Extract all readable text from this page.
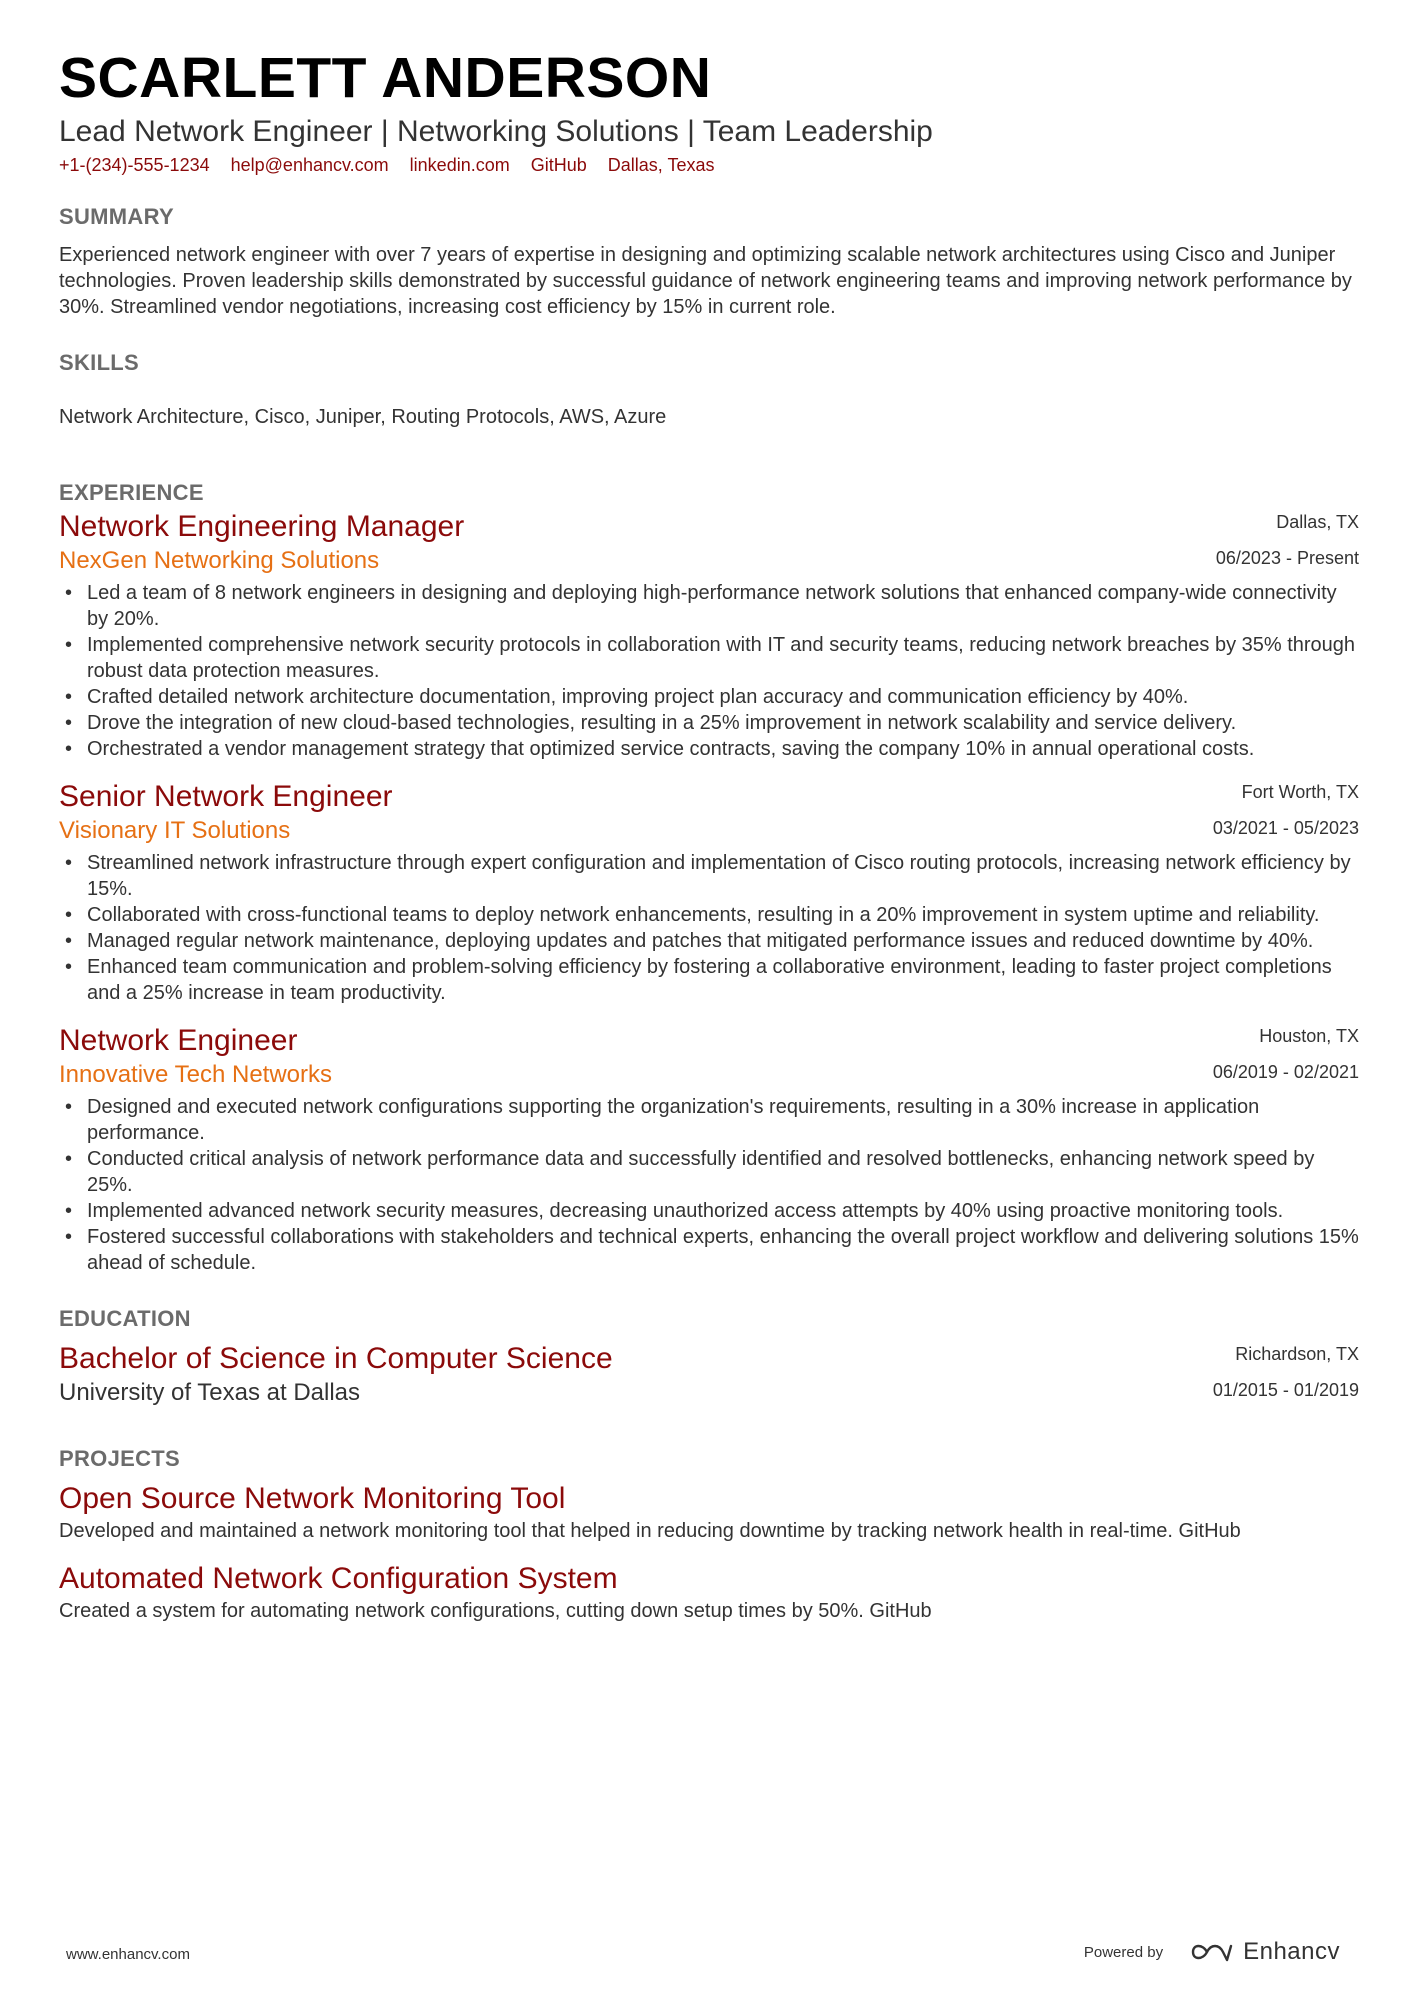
SCARLETT ANDERSON
Lead Network Engineer | Networking Solutions | Team Leadership
+1-(234)-555-1234 help@enhancv.com linkedin.com GitHub Dallas, Texas
SUMMARY
Experienced network engineer with over 7 years of expertise in designing and optimizing scalable network architectures using Cisco and Juniper technologies. Proven leadership skills demonstrated by successful guidance of network engineering teams and improving network performance by 30%. Streamlined vendor negotiations, increasing cost efficiency by 15% in current role.
SKILLS
Network Architecture, Cisco, Juniper, Routing Protocols, AWS, Azure
EXPERIENCE
Network Engineering Manager
NexGen Networking Solutions
Dallas, TX
06/2023 - Present
• Led a team of 8 network engineers in designing and deploying high-performance network solutions that enhanced company-wide connectivity by 20%.
• Implemented comprehensive network security protocols in collaboration with IT and security teams, reducing network breaches by 35% through robust data protection measures.
• Crafted detailed network architecture documentation, improving project plan accuracy and communication efficiency by 40%.
• Drove the integration of new cloud-based technologies, resulting in a 25% improvement in network scalability and service delivery.
• Orchestrated a vendor management strategy that optimized service contracts, saving the company 10% in annual operational costs.
Senior Network Engineer
Visionary IT Solutions
Fort Worth, TX
03/2021 - 05/2023
• Streamlined network infrastructure through expert configuration and implementation of Cisco routing protocols, increasing network efficiency by 15%.
• Collaborated with cross-functional teams to deploy network enhancements, resulting in a 20% improvement in system uptime and reliability.
• Managed regular network maintenance, deploying updates and patches that mitigated performance issues and reduced downtime by 40%.
• Enhanced team communication and problem-solving efficiency by fostering a collaborative environment, leading to faster project completions and a 25% increase in team productivity.
Network Engineer
Innovative Tech Networks
Houston, TX
06/2019 - 02/2021
• Designed and executed network configurations supporting the organization's requirements, resulting in a 30% increase in application performance.
• Conducted critical analysis of network performance data and successfully identified and resolved bottlenecks, enhancing network speed by 25%.
• Implemented advanced network security measures, decreasing unauthorized access attempts by 40% using proactive monitoring tools.
• Fostered successful collaborations with stakeholders and technical experts, enhancing the overall project workflow and delivering solutions 15% ahead of schedule.
EDUCATION
Bachelor of Science in Computer Science
University of Texas at Dallas
Richardson, TX
01/2015 - 01/2019
PROJECTS
Open Source Network Monitoring Tool
Developed and maintained a network monitoring tool that helped in reducing downtime by tracking network health in real-time. GitHub
Automated Network Configuration System
Created a system for automating network configurations, cutting down setup times by 50%. GitHub
www.enhancv.com	Powered by	Enhancv
